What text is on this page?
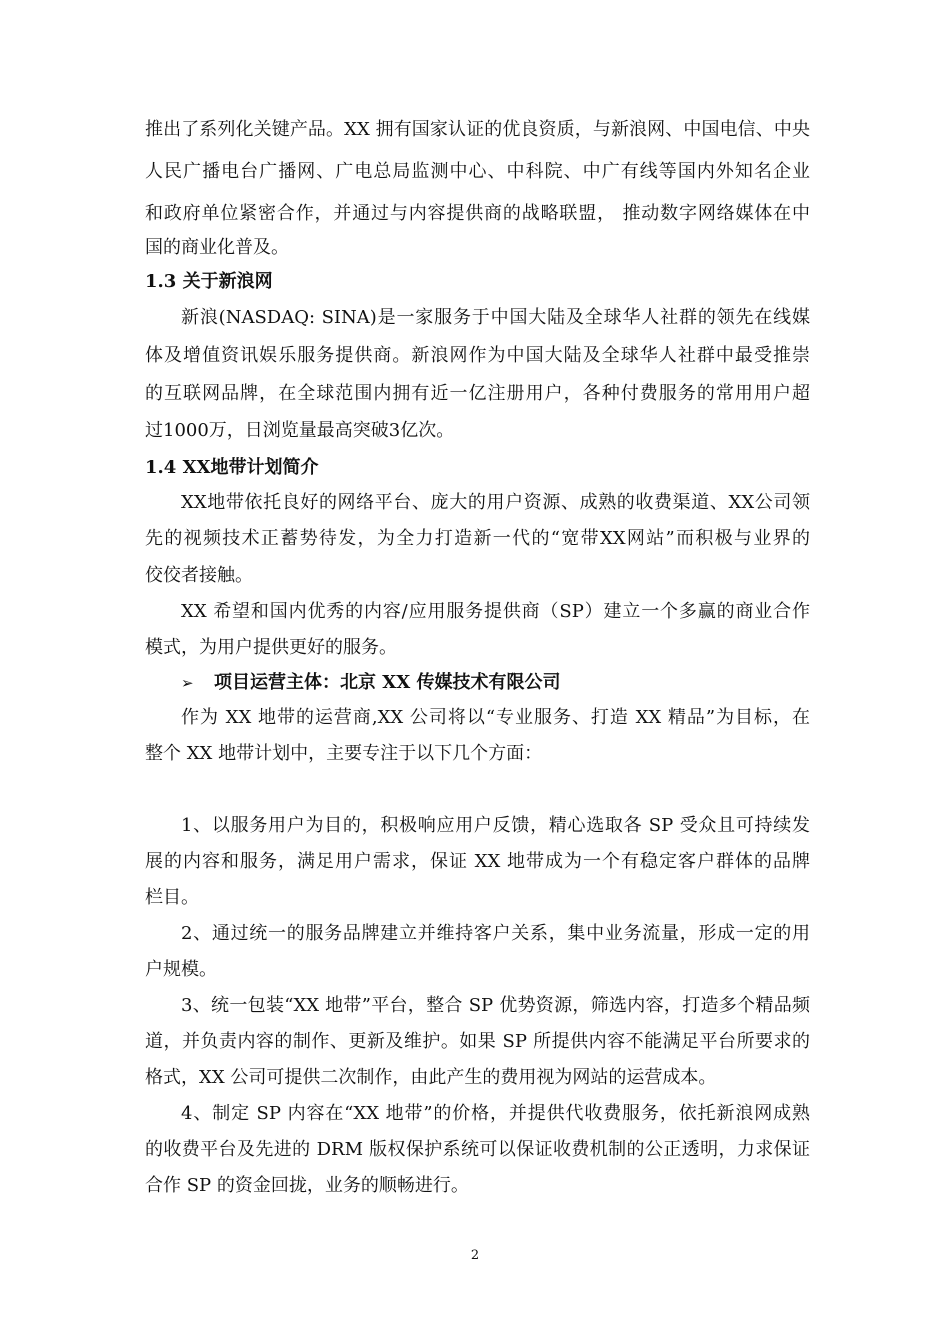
推出了系列化关键产品。XX 拥有国家认证的优良资质，与新浪网、中国电信、中央
人民广播电台广播网、广电总局监测中心、中科院、中广有线等国内外知名企业
和政府单位紧密合作，并通过与内容提供商的战略联盟， 推动数字网络媒体在中
国的商业化普及。
1.3 关于新浪网
新浪(NASDAQ: SINA)是一家服务于中国大陆及全球华人社群的领先在线媒
体及增值资讯娱乐服务提供商。新浪网作为中国大陆及全球华人社群中最受推崇
的互联网品牌，在全球范围内拥有近一亿注册用户，各种付费服务的常用用户超
过1000万，日浏览量最高突破3亿次。
1.4 XX地带计划简介
XX地带依托良好的网络平台、庞大的用户资源、成熟的收费渠道、XX公司领
先的视频技术正蓄势待发，为全力打造新一代的“宽带XX网站”而积极与业界的
佼佼者接触。
XX 希望和国内优秀的内容/应用服务提供商（SP）建立一个多赢的商业合作
模式，为用户提供更好的服务。
➢ 项目运营主体：北京 XX 传媒技术有限公司
作为 XX 地带的运营商,XX 公司将以“专业服务、打造 XX 精品”为目标，在
整个 XX 地带计划中，主要专注于以下几个方面：
1、以服务用户为目的，积极响应用户反馈，精心选取各 SP 受众且可持续发
展的内容和服务，满足用户需求，保证 XX 地带成为一个有稳定客户群体的品牌
栏目。
2、通过统一的服务品牌建立并维持客户关系，集中业务流量，形成一定的用
户规模。
3、统一包装“XX 地带”平台，整合 SP 优势资源，筛选内容，打造多个精品频
道，并负责内容的制作、更新及维护。如果 SP 所提供内容不能满足平台所要求的
格式，XX 公司可提供二次制作，由此产生的费用视为网站的运营成本。
4、制定 SP 内容在“XX 地带”的价格，并提供代收费服务，依托新浪网成熟
的收费平台及先进的 DRM 版权保护系统可以保证收费机制的公正透明，力求保证
合作 SP 的资金回拢，业务的顺畅进行。
2
